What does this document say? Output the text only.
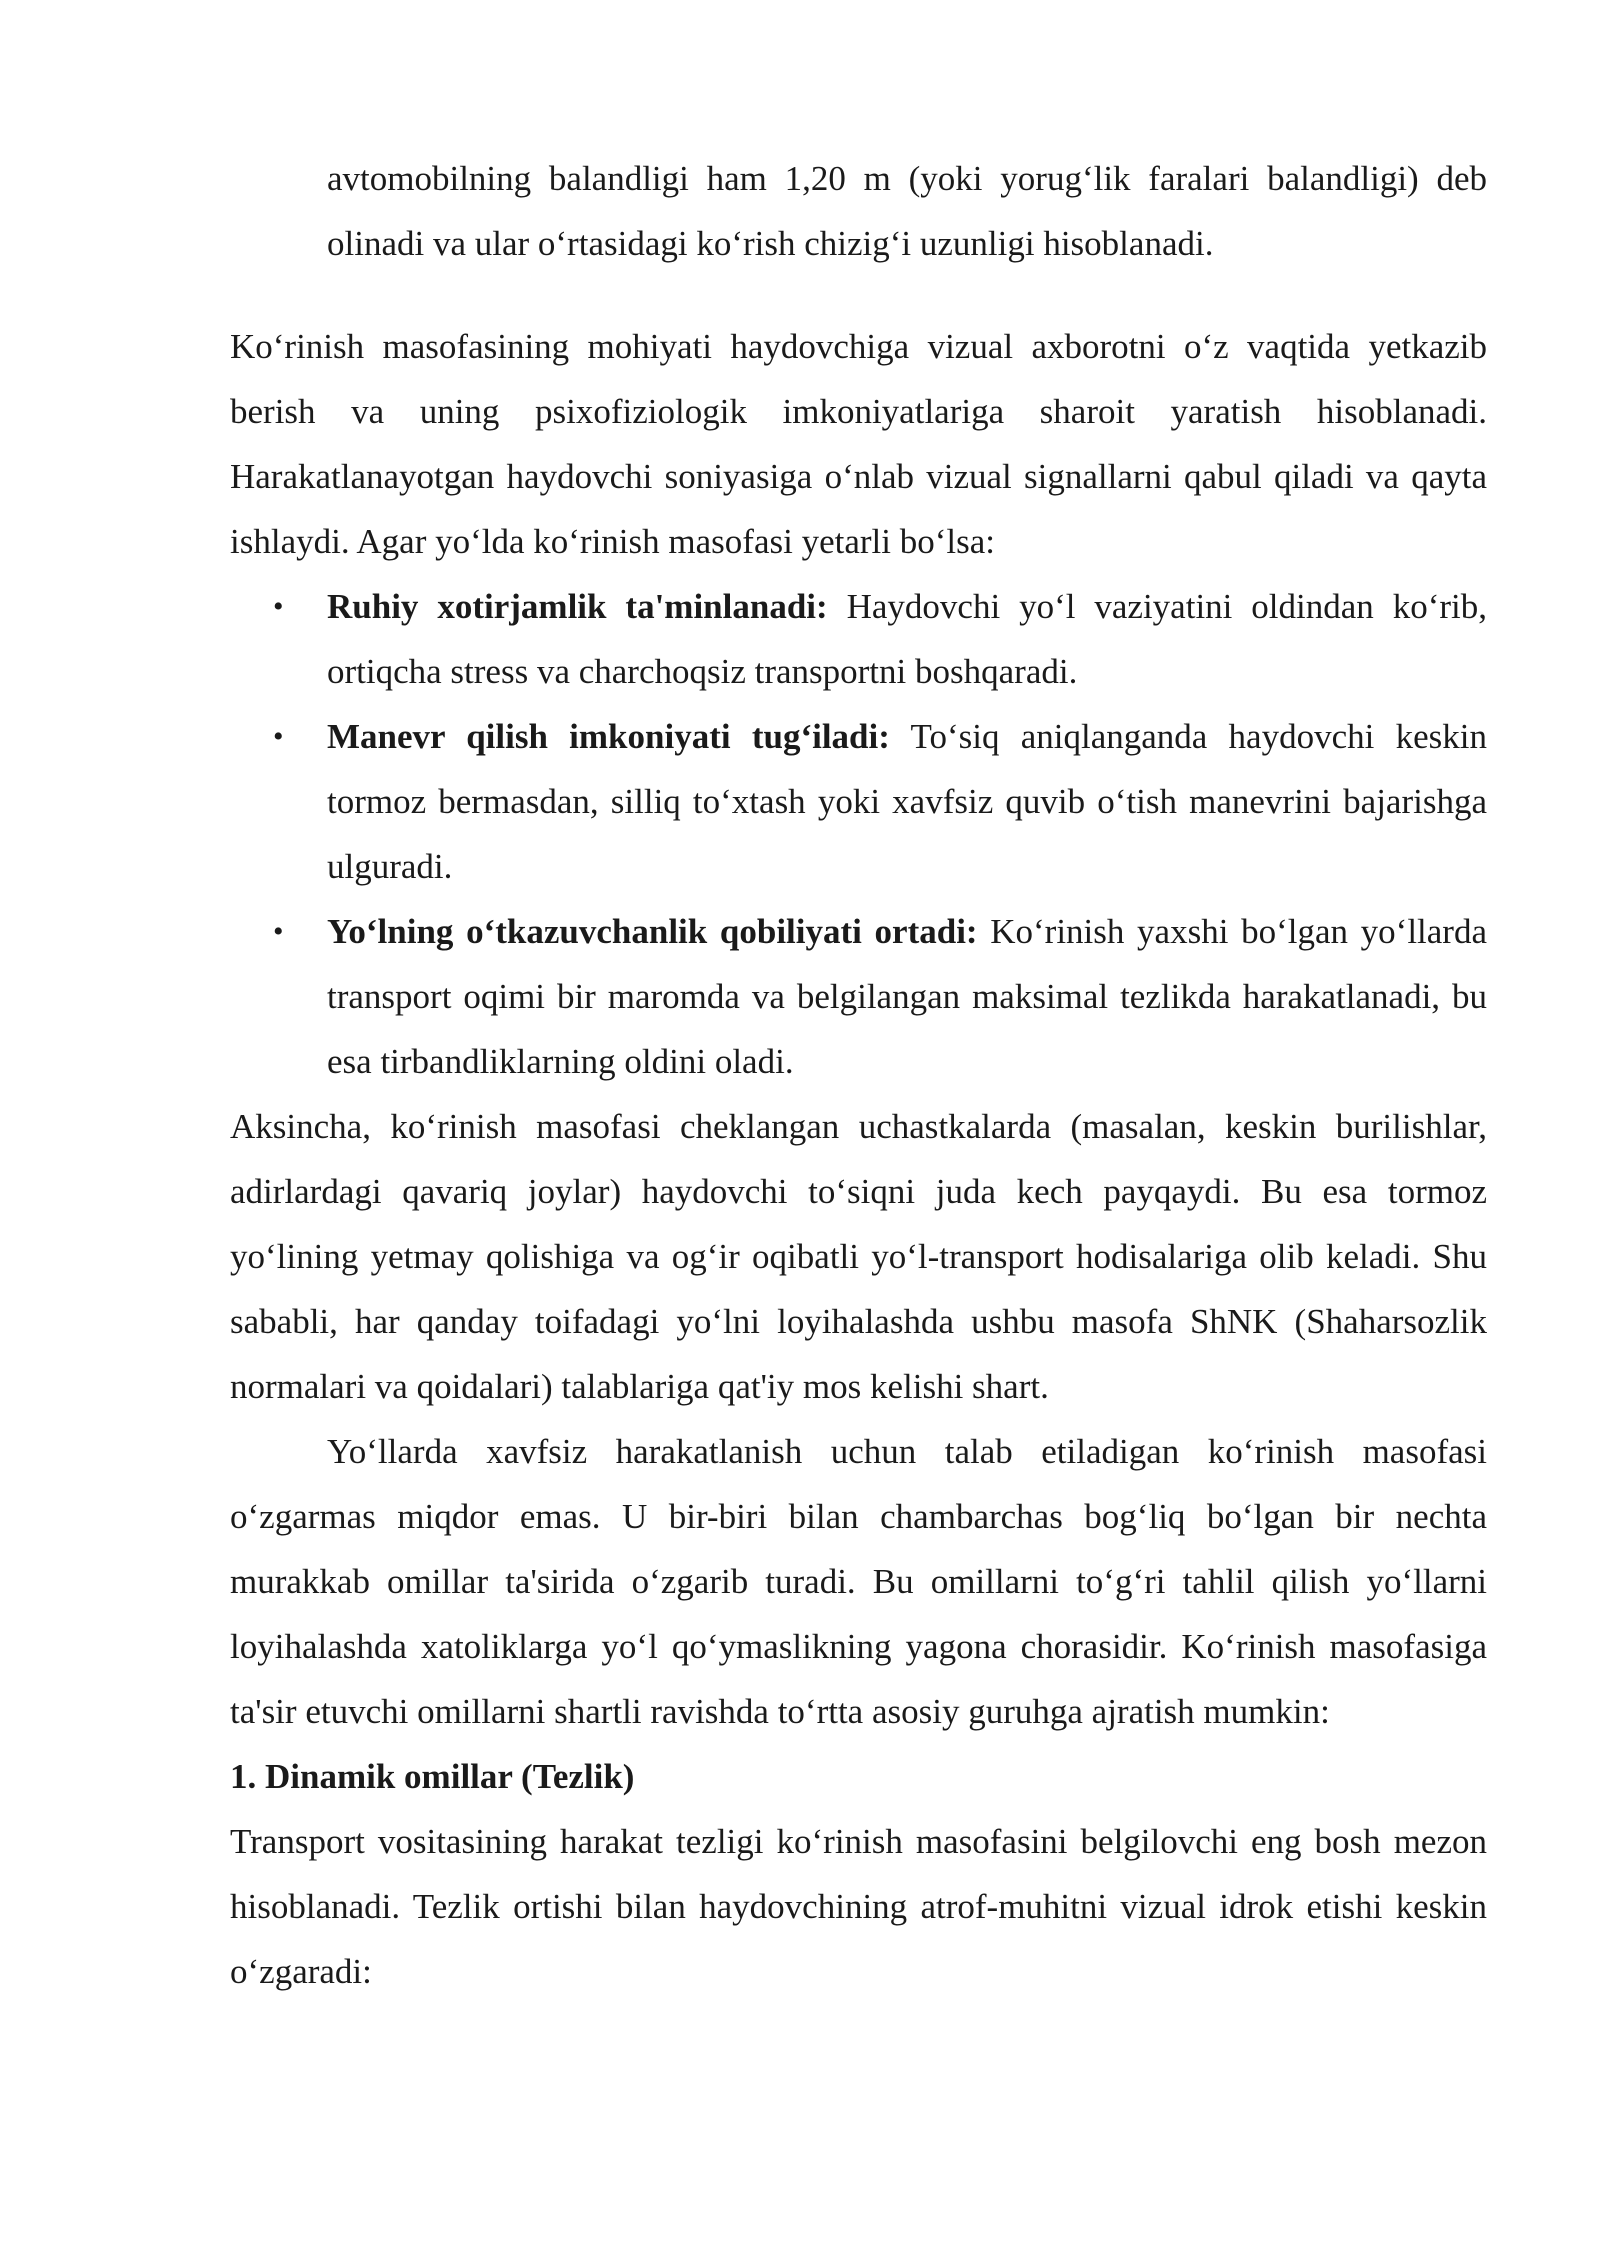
avtomobilning balandligi ham 1,20 m (yoki yorug‘lik faralari balandligi) deb olinadi va ular o‘rtasidagi ko‘rish chizig‘i uzunligi hisoblanadi.

Ko‘rinish masofasining mohiyati haydovchiga vizual axborotni o‘z vaqtida yetkazib berish va uning psixofiziologik imkoniyatlariga sharoit yaratish hisoblanadi. Harakatlanayotgan haydovchi soniyasiga o‘nlab vizual signallarni qabul qiladi va qayta ishlaydi. Agar yo‘lda ko‘rinish masofasi yetarli bo‘lsa:

• Ruhiy xotirjamlik ta'minlanadi: Haydovchi yo‘l vaziyatini oldindan ko‘rib, ortiqcha stress va charchoqsiz transportni boshqaradi.
• Manevr qilish imkoniyati tug‘iladi: To‘siq aniqlanganda haydovchi keskin tormoz bermasdan, silliq to‘xtash yoki xavfsiz quvib o‘tish manevrini bajarishga ulguradi.
• Yo‘lning o‘tkazuvchanlik qobiliyati ortadi: Ko‘rinish yaxshi bo‘lgan yo‘llarda transport oqimi bir maromda va belgilangan maksimal tezlikda harakatlanadi, bu esa tirbandliklarning oldini oladi.

Aksincha, ko‘rinish masofasi cheklangan uchastkalarda (masalan, keskin burilishlar, adirlardagi qavariq joylar) haydovchi to‘siqni juda kech payqaydi. Bu esa tormoz yo‘lining yetmay qolishiga va og‘ir oqibatli yo‘l-transport hodisalariga olib keladi. Shu sababli, har qanday toifadagi yo‘lni loyihalashda ushbu masofa ShNK (Shaharsozlik normalari va qoidalari) talablariga qat'iy mos kelishi shart.

Yo‘llarda xavfsiz harakatlanish uchun talab etiladigan ko‘rinish masofasi o‘zgarmas miqdor emas. U bir-biri bilan chambarchas bog‘liq bo‘lgan bir nechta murakkab omillar ta'sirida o‘zgarib turadi. Bu omillarni to‘g‘ri tahlil qilish yo‘llarni loyihalashda xatoliklarga yo‘l qo‘ymaslikning yagona chorasidir. Ko‘rinish masofasiga ta'sir etuvchi omillarni shartli ravishda to‘rtta asosiy guruhga ajratish mumkin:

1. Dinamik omillar (Tezlik)

Transport vositasining harakat tezligi ko‘rinish masofasini belgilovchi eng bosh mezon hisoblanadi. Tezlik ortishi bilan haydovchining atrof-muhitni vizual idrok etishi keskin o‘zgaradi:
